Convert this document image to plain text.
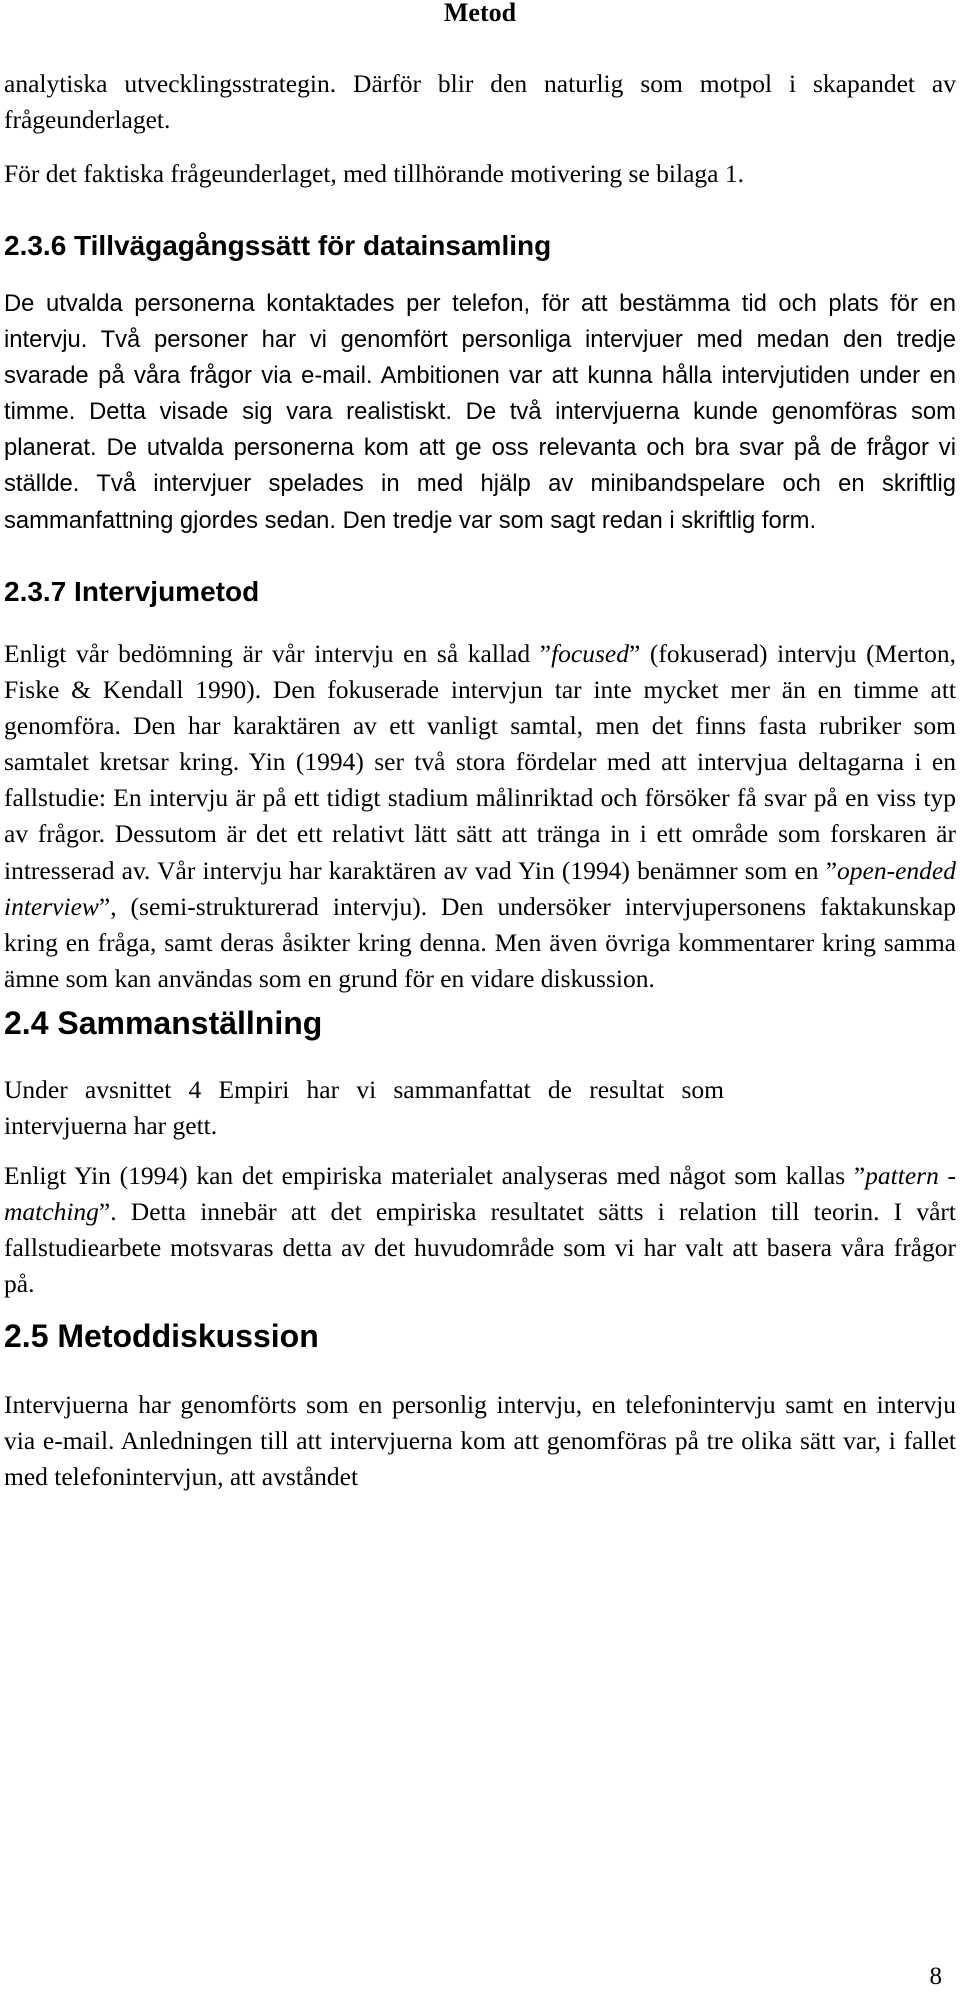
Metod

analytiska utvecklingsstrategin. Därför blir den naturlig som motpol i skapandet av frågeunderlaget.

För det faktiska frågeunderlaget, med tillhörande motivering se bilaga 1.

2.3.6 Tillvägagångssätt för datainsamling

De utvalda personerna kontaktades per telefon, för att bestämma tid och plats för en intervju. Två personer har vi genomfört personliga intervjuer med medan den tredje svarade på våra frågor via e-mail. Ambitionen var att kunna hålla intervjutiden under en timme. Detta visade sig vara realistiskt. De två intervjuerna kunde genomföras som planerat. De utvalda personerna kom att ge oss relevanta och bra svar på de frågor vi ställde. Två intervjuer spelades in med hjälp av minibandspelare och en skriftlig sammanfattning gjordes sedan. Den tredje var som sagt redan i skriftlig form.

2.3.7 Intervjumetod

Enligt vår bedömning är vår intervju en så kallad ”focused” (fokuserad) intervju (Merton, Fiske & Kendall 1990). Den fokuserade intervjun tar inte mycket mer än en timme att genomföra. Den har karaktären av ett vanligt samtal, men det finns fasta rubriker som samtalet kretsar kring. Yin (1994) ser två stora fördelar med att intervjua deltagarna i en fallstudie: En intervju är på ett tidigt stadium målinriktad och försöker få svar på en viss typ av frågor. Dessutom är det ett relativt lätt sätt att tränga in i ett område som forskaren är intresserad av. Vår intervju har karaktären av vad Yin (1994) benämner som en ”open-ended interview”, (semi-strukturerad intervju). Den undersöker intervjupersonens faktakunskap kring en fråga, samt deras åsikter kring denna. Men även övriga kommentarer kring samma ämne som kan användas som en grund för en vidare diskussion.

2.4 Sammanställning

Under avsnittet 4 Empiri har vi sammanfattat de resultat som intervjuerna har gett.

Enligt Yin (1994) kan det empiriska materialet analyseras med något som kallas ”pattern - matching”. Detta innebär att det empiriska resultatet sätts i relation till teorin. I vårt fallstudiearbete motsvaras detta av det huvudområde som vi har valt att basera våra frågor på.

2.5 Metoddiskussion

Intervjuerna har genomförts som en personlig intervju, en telefonintervju samt en intervju via e-mail. Anledningen till att intervjuerna kom att genomföras på tre olika sätt var, i fallet med telefonintervjun, att avståndet

8
